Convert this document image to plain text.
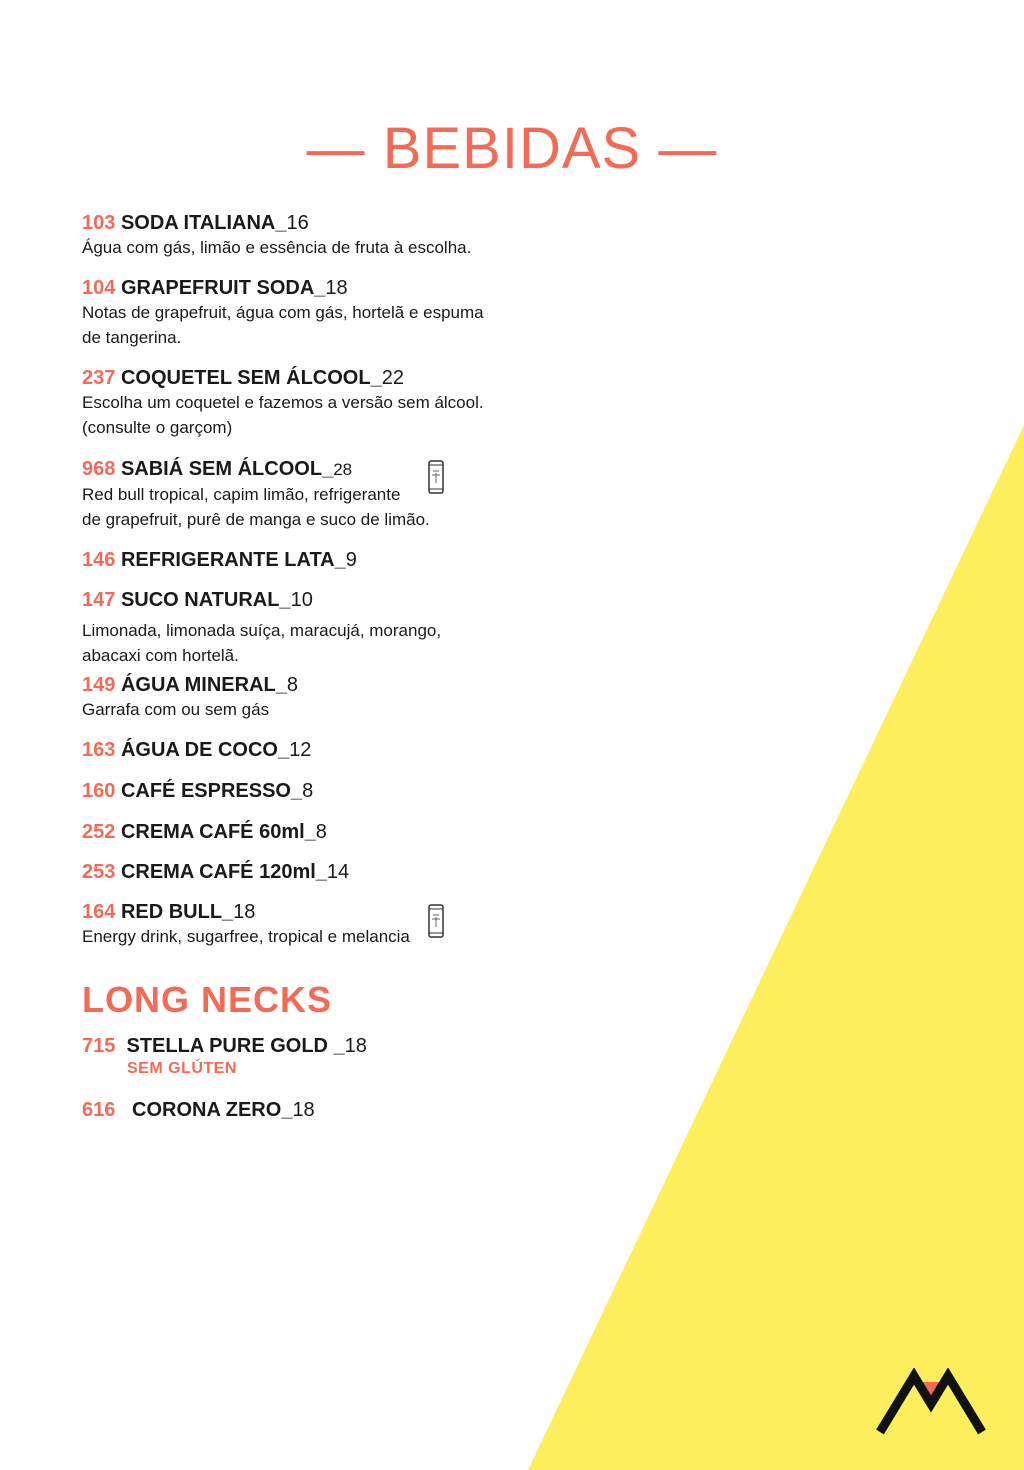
— BEBIDAS —
103 SODA ITALIANA_16
Água com gás, limão e essência de fruta à escolha.
104 GRAPEFRUIT SODA_18
Notas de grapefruit, água com gás, hortelã e espuma
de tangerina.
237 COQUETEL SEM ÁLCOOL_22
Escolha um coquetel e fazemos a versão sem álcool.
(consulte o garçom)
968 SABIÁ SEM ÁLCOOL_28
Red bull tropical, capim limão, refrigerante
de grapefruit, purê de manga e suco de limão.
146 REFRIGERANTE LATA_9
147 SUCO NATURAL_10
Limonada, limonada suíça, maracujá, morango,
abacaxi com hortelã.
149 ÁGUA MINERAL_8
Garrafa com ou sem gás
163 ÁGUA DE COCO_12
160 CAFÉ ESPRESSO_8
252 CREMA CAFÉ 60ml_8
253 CREMA CAFÉ 120ml_14
164 RED BULL_18
Energy drink, sugarfree, tropical e melancia
LONG NECKS
715 STELLA PURE GOLD _18
SEM GLÚTEN
616 CORONA ZERO_18
